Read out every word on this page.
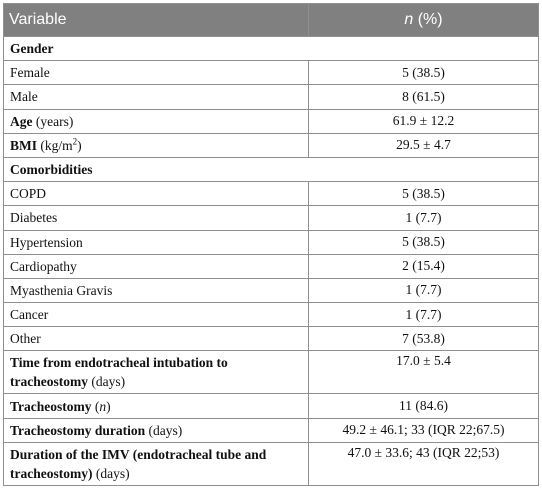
Variable	n (%)
Gender	
Female	5 (38.5)
Male	8 (61.5)
Age (years)	61.9 ± 12.2
BMI $(kg/m^2)$	29.5 ± 4.7
Comorbidities	
COPD	5 (38.5)
Diabetes	1 (7.7)
Hypertension	5 (38.5)
Cardiopathy	2 (15.4)
Myasthenia Gravis	1 (7.7)
Cancer	1 (7.7)
Other	7 (53.8)
Time from endotracheal intubation to tracheostomy (days)	17.0 ± 5.4
Tracheostomy (n)	11 (84.6)
Tracheostomy duration (days)	49.2 ± 46.1; 33 (IQR 22;67.5)
Duration of the IMV (endotracheal tube and tracheostomy) (days)	47.0 ± 33.6; 43 (IQR 22;53)
